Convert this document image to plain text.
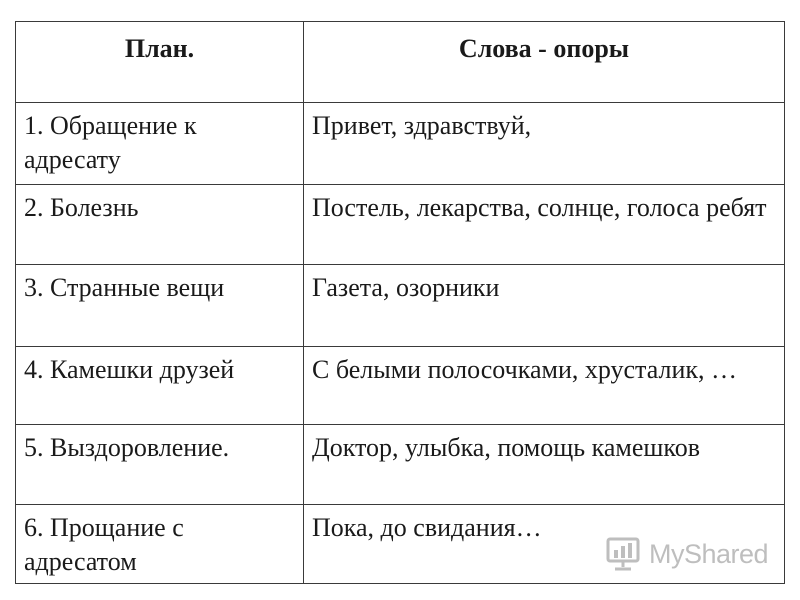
План.	Слова - опоры
1. Обращение к адресату	Привет, здравствуй,
2. Болезнь	Постель, лекарства, солнце, голоса ребят
3. Странные вещи	Газета, озорники
4. Камешки друзей	С белыми полосочками, хрусталик, …
5. Выздоровление.	Доктор, улыбка, помощь камешков
6. Прощание с адресатом	Пока, до свидания…
MyShared
